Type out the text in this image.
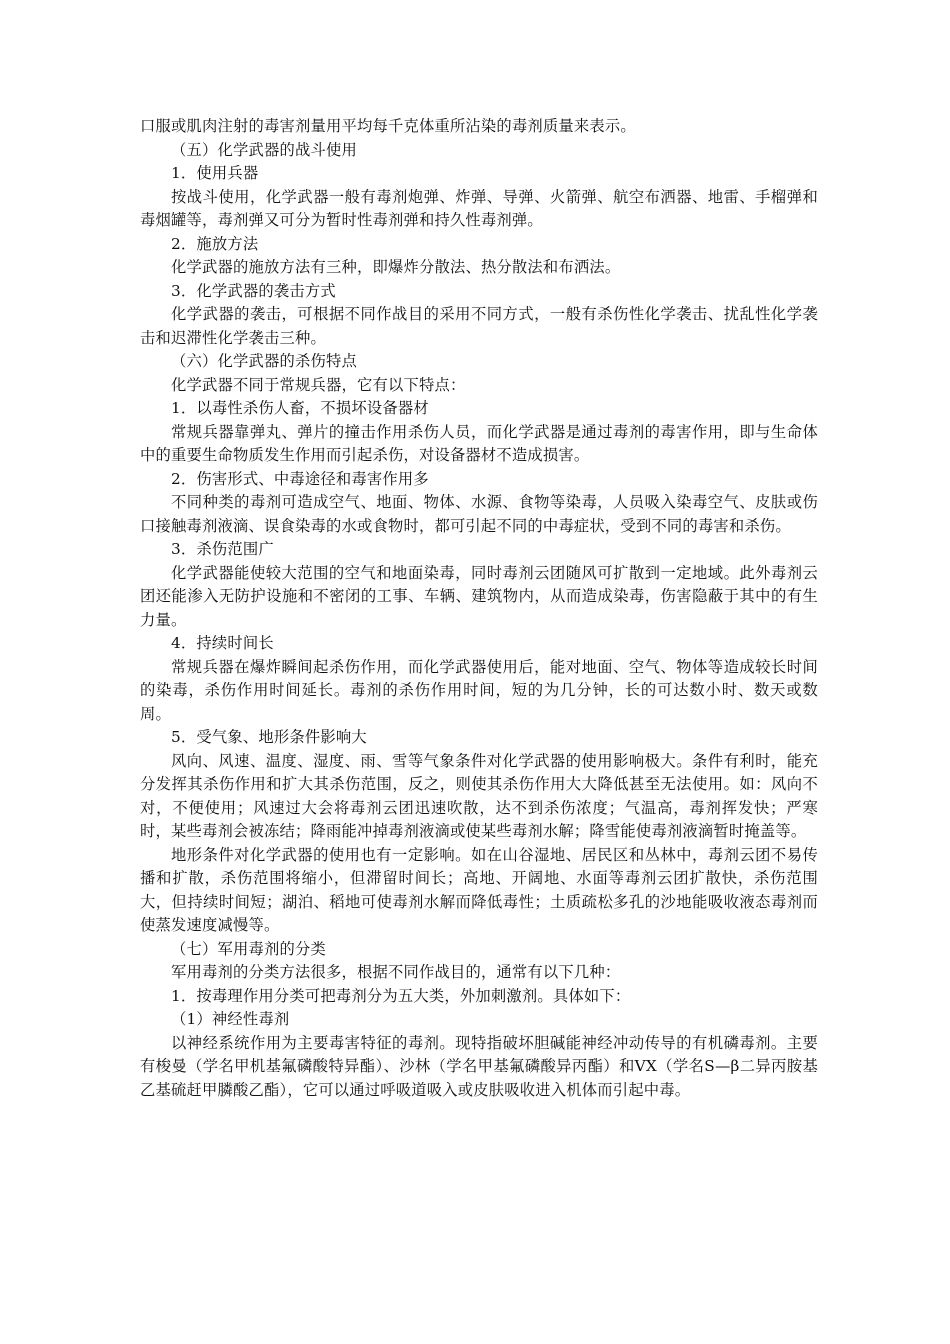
口服或肌肉注射的毒害剂量用平均每千克体重所沾染的毒剂质量来表示。

（五）化学武器的战斗使用

1．使用兵器

按战斗使用，化学武器一般有毒剂炮弹、炸弹、导弹、火箭弹、航空布洒器、地雷、手榴弹和毒烟罐等，毒剂弹又可分为暂时性毒剂弹和持久性毒剂弹。

2．施放方法

化学武器的施放方法有三种，即爆炸分散法、热分散法和布洒法。

3．化学武器的袭击方式

化学武器的袭击，可根据不同作战目的采用不同方式，一般有杀伤性化学袭击、扰乱性化学袭击和迟滞性化学袭击三种。

（六）化学武器的杀伤特点

化学武器不同于常规兵器，它有以下特点：

1．以毒性杀伤人畜，不损坏设备器材

常规兵器靠弹丸、弹片的撞击作用杀伤人员，而化学武器是通过毒剂的毒害作用，即与生命体中的重要生命物质发生作用而引起杀伤，对设备器材不造成损害。

2．伤害形式、中毒途径和毒害作用多

不同种类的毒剂可造成空气、地面、物体、水源、食物等染毒，人员吸入染毒空气、皮肤或伤口接触毒剂液滴、误食染毒的水或食物时，都可引起不同的中毒症状，受到不同的毒害和杀伤。

3．杀伤范围广

化学武器能使较大范围的空气和地面染毒，同时毒剂云团随风可扩散到一定地域。此外毒剂云团还能渗入无防护设施和不密闭的工事、车辆、建筑物内，从而造成染毒，伤害隐蔽于其中的有生力量。

4．持续时间长

常规兵器在爆炸瞬间起杀伤作用，而化学武器使用后，能对地面、空气、物体等造成较长时间的染毒，杀伤作用时间延长。毒剂的杀伤作用时间，短的为几分钟，长的可达数小时、数天或数周。

5．受气象、地形条件影响大

风向、风速、温度、湿度、雨、雪等气象条件对化学武器的使用影响极大。条件有利时，能充分发挥其杀伤作用和扩大其杀伤范围，反之，则使其杀伤作用大大降低甚至无法使用。如：风向不对，不便使用；风速过大会将毒剂云团迅速吹散，达不到杀伤浓度；气温高，毒剂挥发快；严寒时，某些毒剂会被冻结；降雨能冲掉毒剂液滴或使某些毒剂水解；降雪能使毒剂液滴暂时掩盖等。

地形条件对化学武器的使用也有一定影响。如在山谷湿地、居民区和丛林中，毒剂云团不易传播和扩散，杀伤范围将缩小，但滞留时间长；高地、开阔地、水面等毒剂云团扩散快，杀伤范围大，但持续时间短；湖泊、稻地可使毒剂水解而降低毒性；土质疏松多孔的沙地能吸收液态毒剂而使蒸发速度减慢等。

（七）军用毒剂的分类

军用毒剂的分类方法很多，根据不同作战目的，通常有以下几种：

1．按毒理作用分类可把毒剂分为五大类，外加刺激剂。具体如下：

（1）神经性毒剂

以神经系统作用为主要毒害特征的毒剂。现特指破坏胆碱能神经冲动传导的有机磷毒剂。主要有梭曼（学名甲机基氟磷酸特异酯）、沙林（学名甲基氟磷酸异丙酯）和VX（学名S—β二异丙胺基乙基硫赶甲膦酸乙酯），它可以通过呼吸道吸入或皮肤吸收进入机体而引起中毒。
